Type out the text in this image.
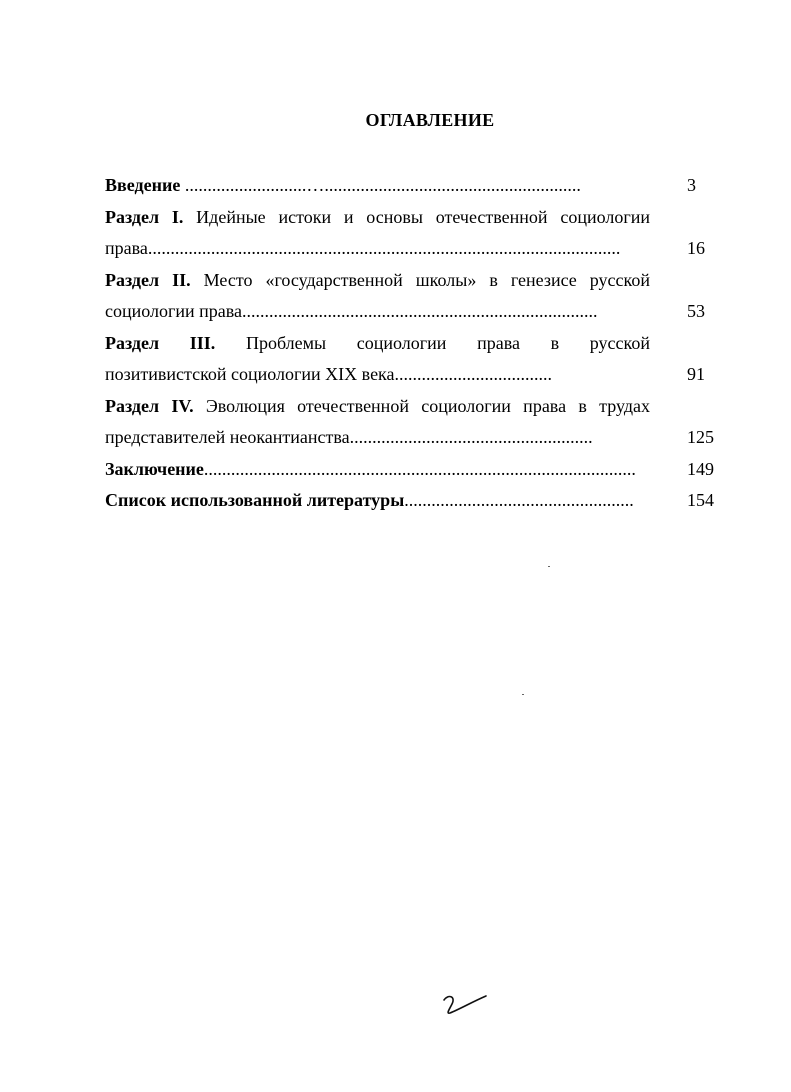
ОГЛАВЛЕНИЕ
Введение ...........................….........................................................	3
Раздел I. Идейные истоки и основы отечественной социологии
права.........................................................................................................	16
Раздел II. Место «государственной школы» в генезисе русской
социологии права...............................................................................	53
Раздел III. Проблемы социологии права в русской
позитивистской социологии XIX века...................................	91
Раздел IV. Эволюция отечественной социологии права в трудах
представителей неокантианства......................................................	125
Заключение................................................................................................	149
Список использованной литературы...................................................	154
